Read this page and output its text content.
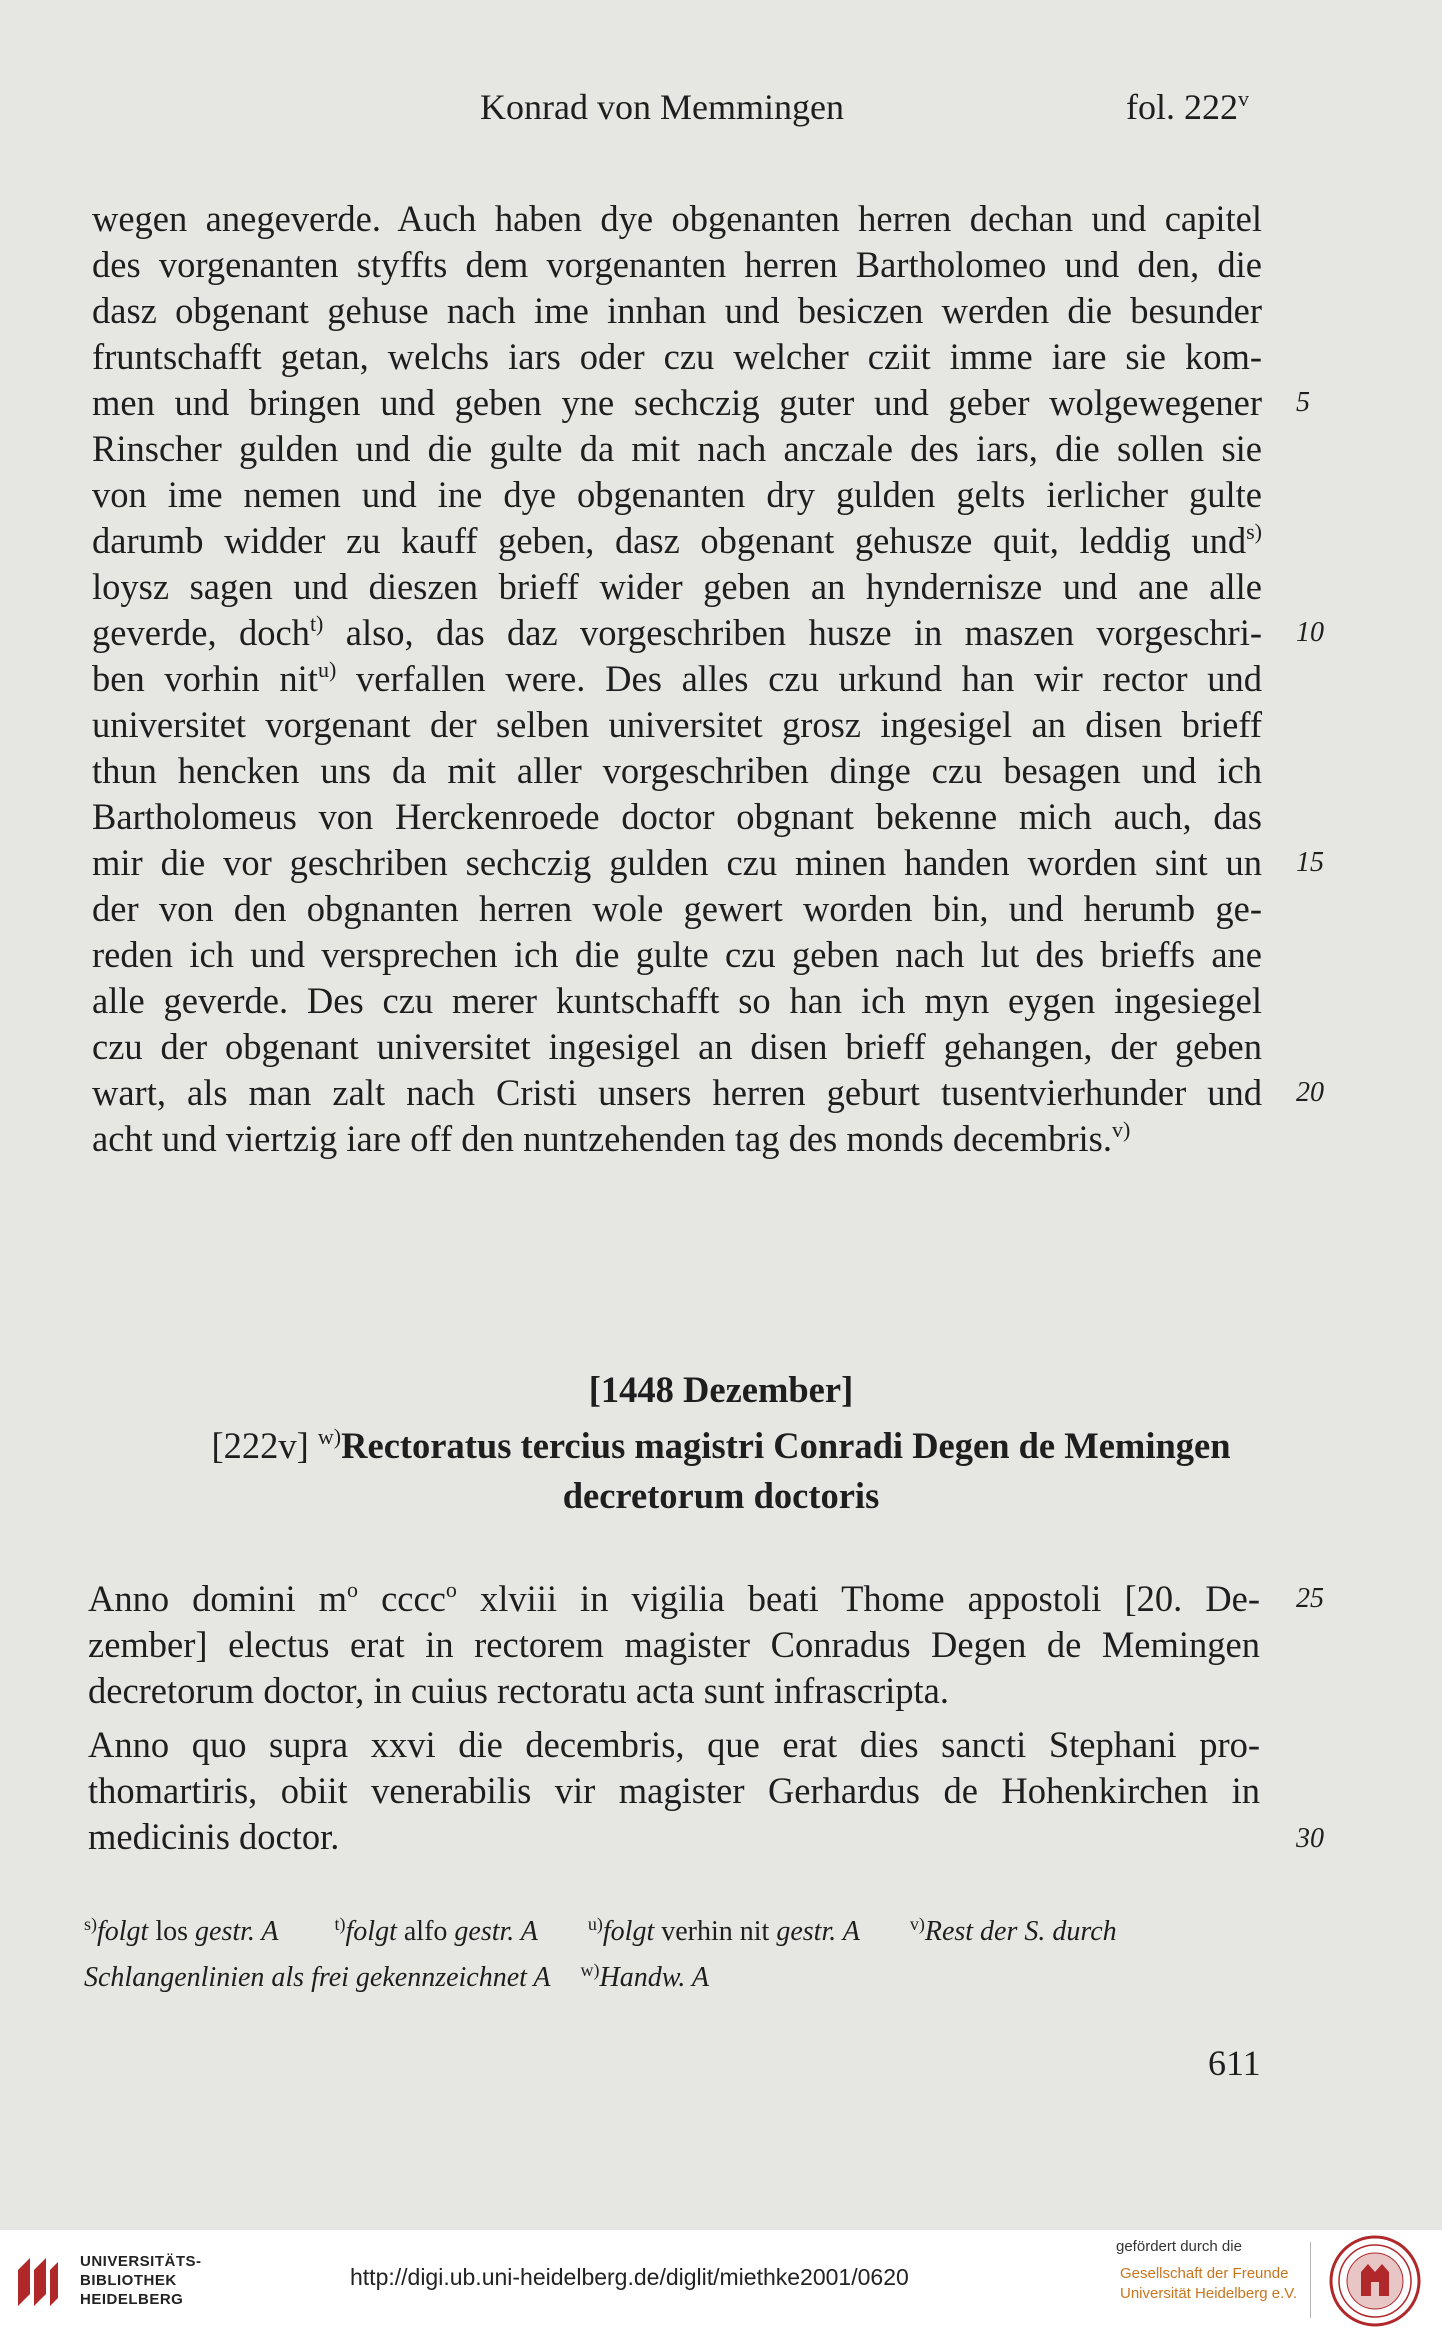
Konrad von Memmingen	fol. 222$^v$
wegen anegeverde. Auch haben dye obgenanten herren dechan und capitel
des vorgenanten styffts dem vorgenanten herren Bartholomeo und den, die
dasz obgenant gehuse nach ime innhan und besiczen werden die besunder
fruntschafft getan, welchs iars oder czu welcher cziit imme iare sie kom-
men und bringen und geben yne sechczig guter und geber wolgewegener
Rinscher gulden und die gulte da mit nach anczale des iars, die sollen sie
von ime nemen und ine dye obgenanten dry gulden gelts ierlicher gulte
darumb widder zu kauff geben, dasz obgenant gehusze quit, leddig und$^{s)}$
loysz sagen und dieszen brieff wider geben an hyndernisze und ane alle
geverde, doch$^{t)}$ also, das daz vorgeschriben husze in maszen vorgeschri-
ben vorhin nit$^{u)}$ verfallen were. Des alles czu urkund han wir rector und
universitet vorgenant der selben universitet grosz ingesigel an disen brieff
thun hencken uns da mit aller vorgeschriben dinge czu besagen und ich
Bartholomeus von Herckenroede doctor obgnant bekenne mich auch, das
mir die vor geschriben sechczig gulden czu minen handen worden sint un
der von den obgnanten herren wole gewert worden bin, und herumb ge-
reden ich und versprechen ich die gulte czu geben nach lut des brieffs ane
alle geverde. Des czu merer kuntschafft so han ich myn eygen ingesiegel
czu der obgenant universitet ingesigel an disen brieff gehangen, der geben
wart, als man zalt nach Cristi unsers herren geburt tusentvierhunder und
acht und viertzig iare off den nuntzehenden tag des monds decembris.$^{v)}$
5
10
15
20
25
30
[1448 Dezember]
[222v] $^{w)}$Rectoratus tercius magistri Conradi Degen de Memingen
decretorum doctoris
Anno domini $m^o$ cccc$^o$ xlviii in vigilia beati Thome appostoli [20. De-
zember] electus erat in rectorem magister Conradus Degen de Memingen
decretorum doctor, in cuius rectoratu acta sunt infrascripta.
Anno quo supra xxvi die decembris, que erat dies sancti Stephani pro-
thomartiris, obiit venerabilis vir magister Gerhardus de Hohenkirchen in
medicinis doctor.
$^{s)}$folgt los gestr. A	$^{t)}$folgt alfo gestr. A	$^{u)}$folgt verhin nit gestr. A	$^{v)}$Rest der S. durch
Schlangenlinien als frei gekennzeichnet A $^{w)}$Handw. A
611
UNIVERSITÄTS-
BIBLIOTHEK
HEIDELBERG
http://digi.ub.uni-heidelberg.de/diglit/miethke2001/0620
gefördert durch die
Gesellschaft der Freunde
Universität Heidelberg e.V.
